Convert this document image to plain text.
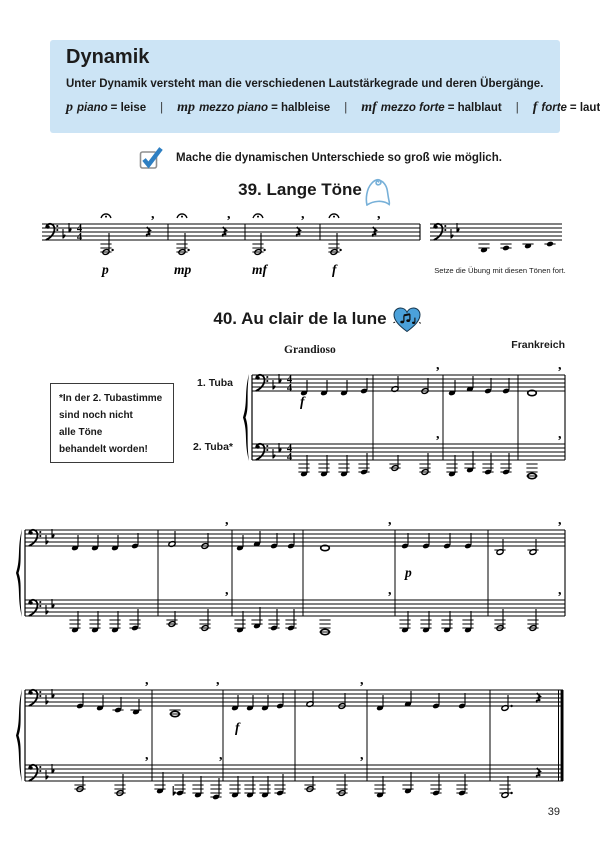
Dynamik
Unter Dynamik versteht man die verschiedenen Lautstärkegrade und deren Übergänge.
p piano = leise | mp mezzo piano = halbleise | mf mezzo forte = halblaut | f forte = laut
Mache die dynamischen Unterschiede so groß wie möglich.
39. Lange Töne
4
4
,	,	,	,
p	mp	mf	f	Setze die Übung mit diesen Tönen fort.
40. Au clair de la lune
Grandioso	Frankreich
*In der 2. Tubastimme
sind noch nicht
alle Töne
behandelt worden!
1. Tuba
2. Tuba*
4
4
,	,
f
4
4
,	,
,	,	,
p
,	,	,
,	,	,
f
,	,	,
39
